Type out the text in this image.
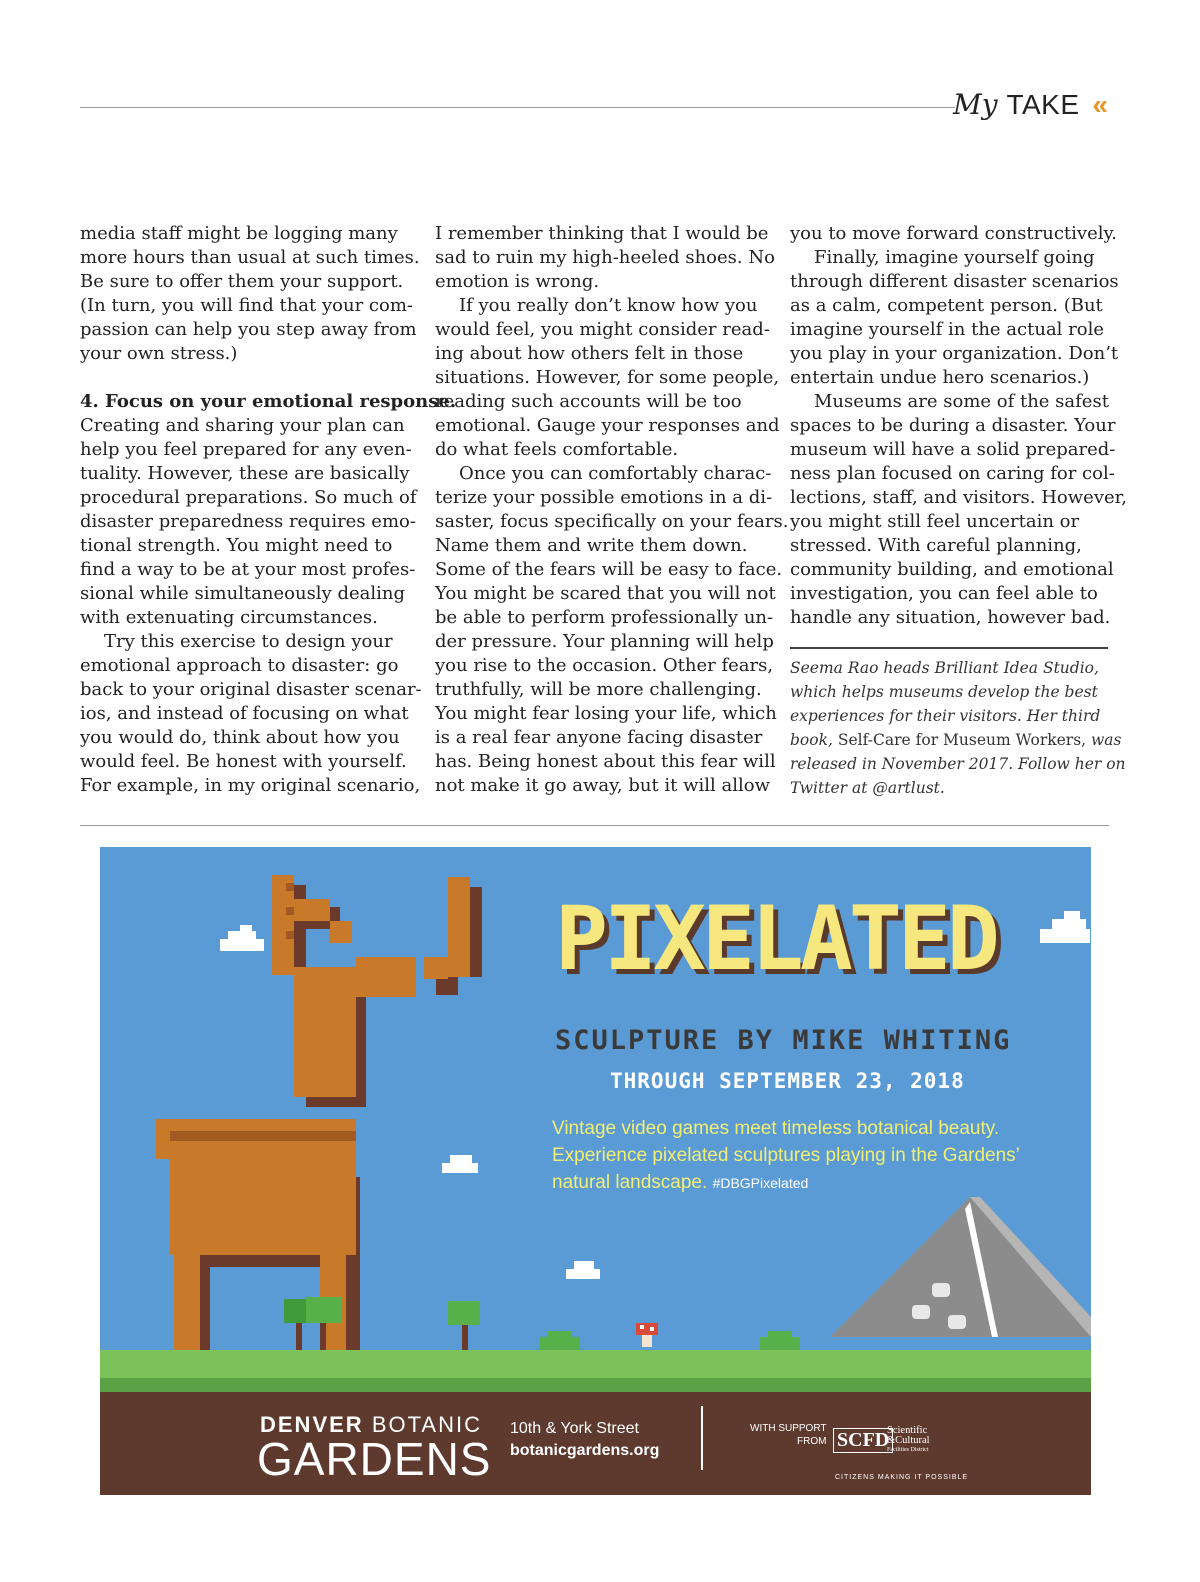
My TAKE «
media staff might be logging many
more hours than usual at such times.
Be sure to offer them your support.
(In turn, you will find that your com-
passion can help you step away from
your own stress.)
4. Focus on your emotional response.
Creating and sharing your plan can
help you feel prepared for any even-
tuality. However, these are basically
procedural preparations. So much of
disaster preparedness requires emo-
tional strength. You might need to
find a way to be at your most profes-
sional while simultaneously dealing
with extenuating circumstances.
Try this exercise to design your
emotional approach to disaster: go
back to your original disaster scenar-
ios, and instead of focusing on what
you would do, think about how you
would feel. Be honest with yourself.
For example, in my original scenario,
I remember thinking that I would be
sad to ruin my high-heeled shoes. No
emotion is wrong.
If you really don’t know how you
would feel, you might consider read-
ing about how others felt in those
situations. However, for some people,
reading such accounts will be too
emotional. Gauge your responses and
do what feels comfortable.
Once you can comfortably charac-
terize your possible emotions in a di-
saster, focus specifically on your fears.
Name them and write them down.
Some of the fears will be easy to face.
You might be scared that you will not
be able to perform professionally un-
der pressure. Your planning will help
you rise to the occasion. Other fears,
truthfully, will be more challenging.
You might fear losing your life, which
is a real fear anyone facing disaster
has. Being honest about this fear will
not make it go away, but it will allow
you to move forward constructively.
Finally, imagine yourself going
through different disaster scenarios
as a calm, competent person. (But
imagine yourself in the actual role
you play in your organization. Don’t
entertain undue hero scenarios.)
Museums are some of the safest
spaces to be during a disaster. Your
museum will have a solid prepared-
ness plan focused on caring for col-
lections, staff, and visitors. However,
you might still feel uncertain or
stressed. With careful planning,
community building, and emotional
investigation, you can feel able to
handle any situation, however bad.
Seema Rao heads Brilliant Idea Studio,
which helps museums develop the best
experiences for their visitors. Her third
book, Self-Care for Museum Workers, was
released in November 2017. Follow her on
Twitter at @artlust.
PIXELATED
SCULPTURE BY MIKE WHITING
THROUGH SEPTEMBER 23, 2018
Vintage video games meet timeless botanical beauty.
Experience pixelated sculptures playing in the Gardens’
natural landscape. #DBGPixelated
DENVER BOTANIC
GARDENS
10th & York Street
botanicgardens.org
WITH SUPPORT
FROM SCFD
Scientific
&Cultural
Facilities District
CITIZENS MAKING IT POSSIBLE
